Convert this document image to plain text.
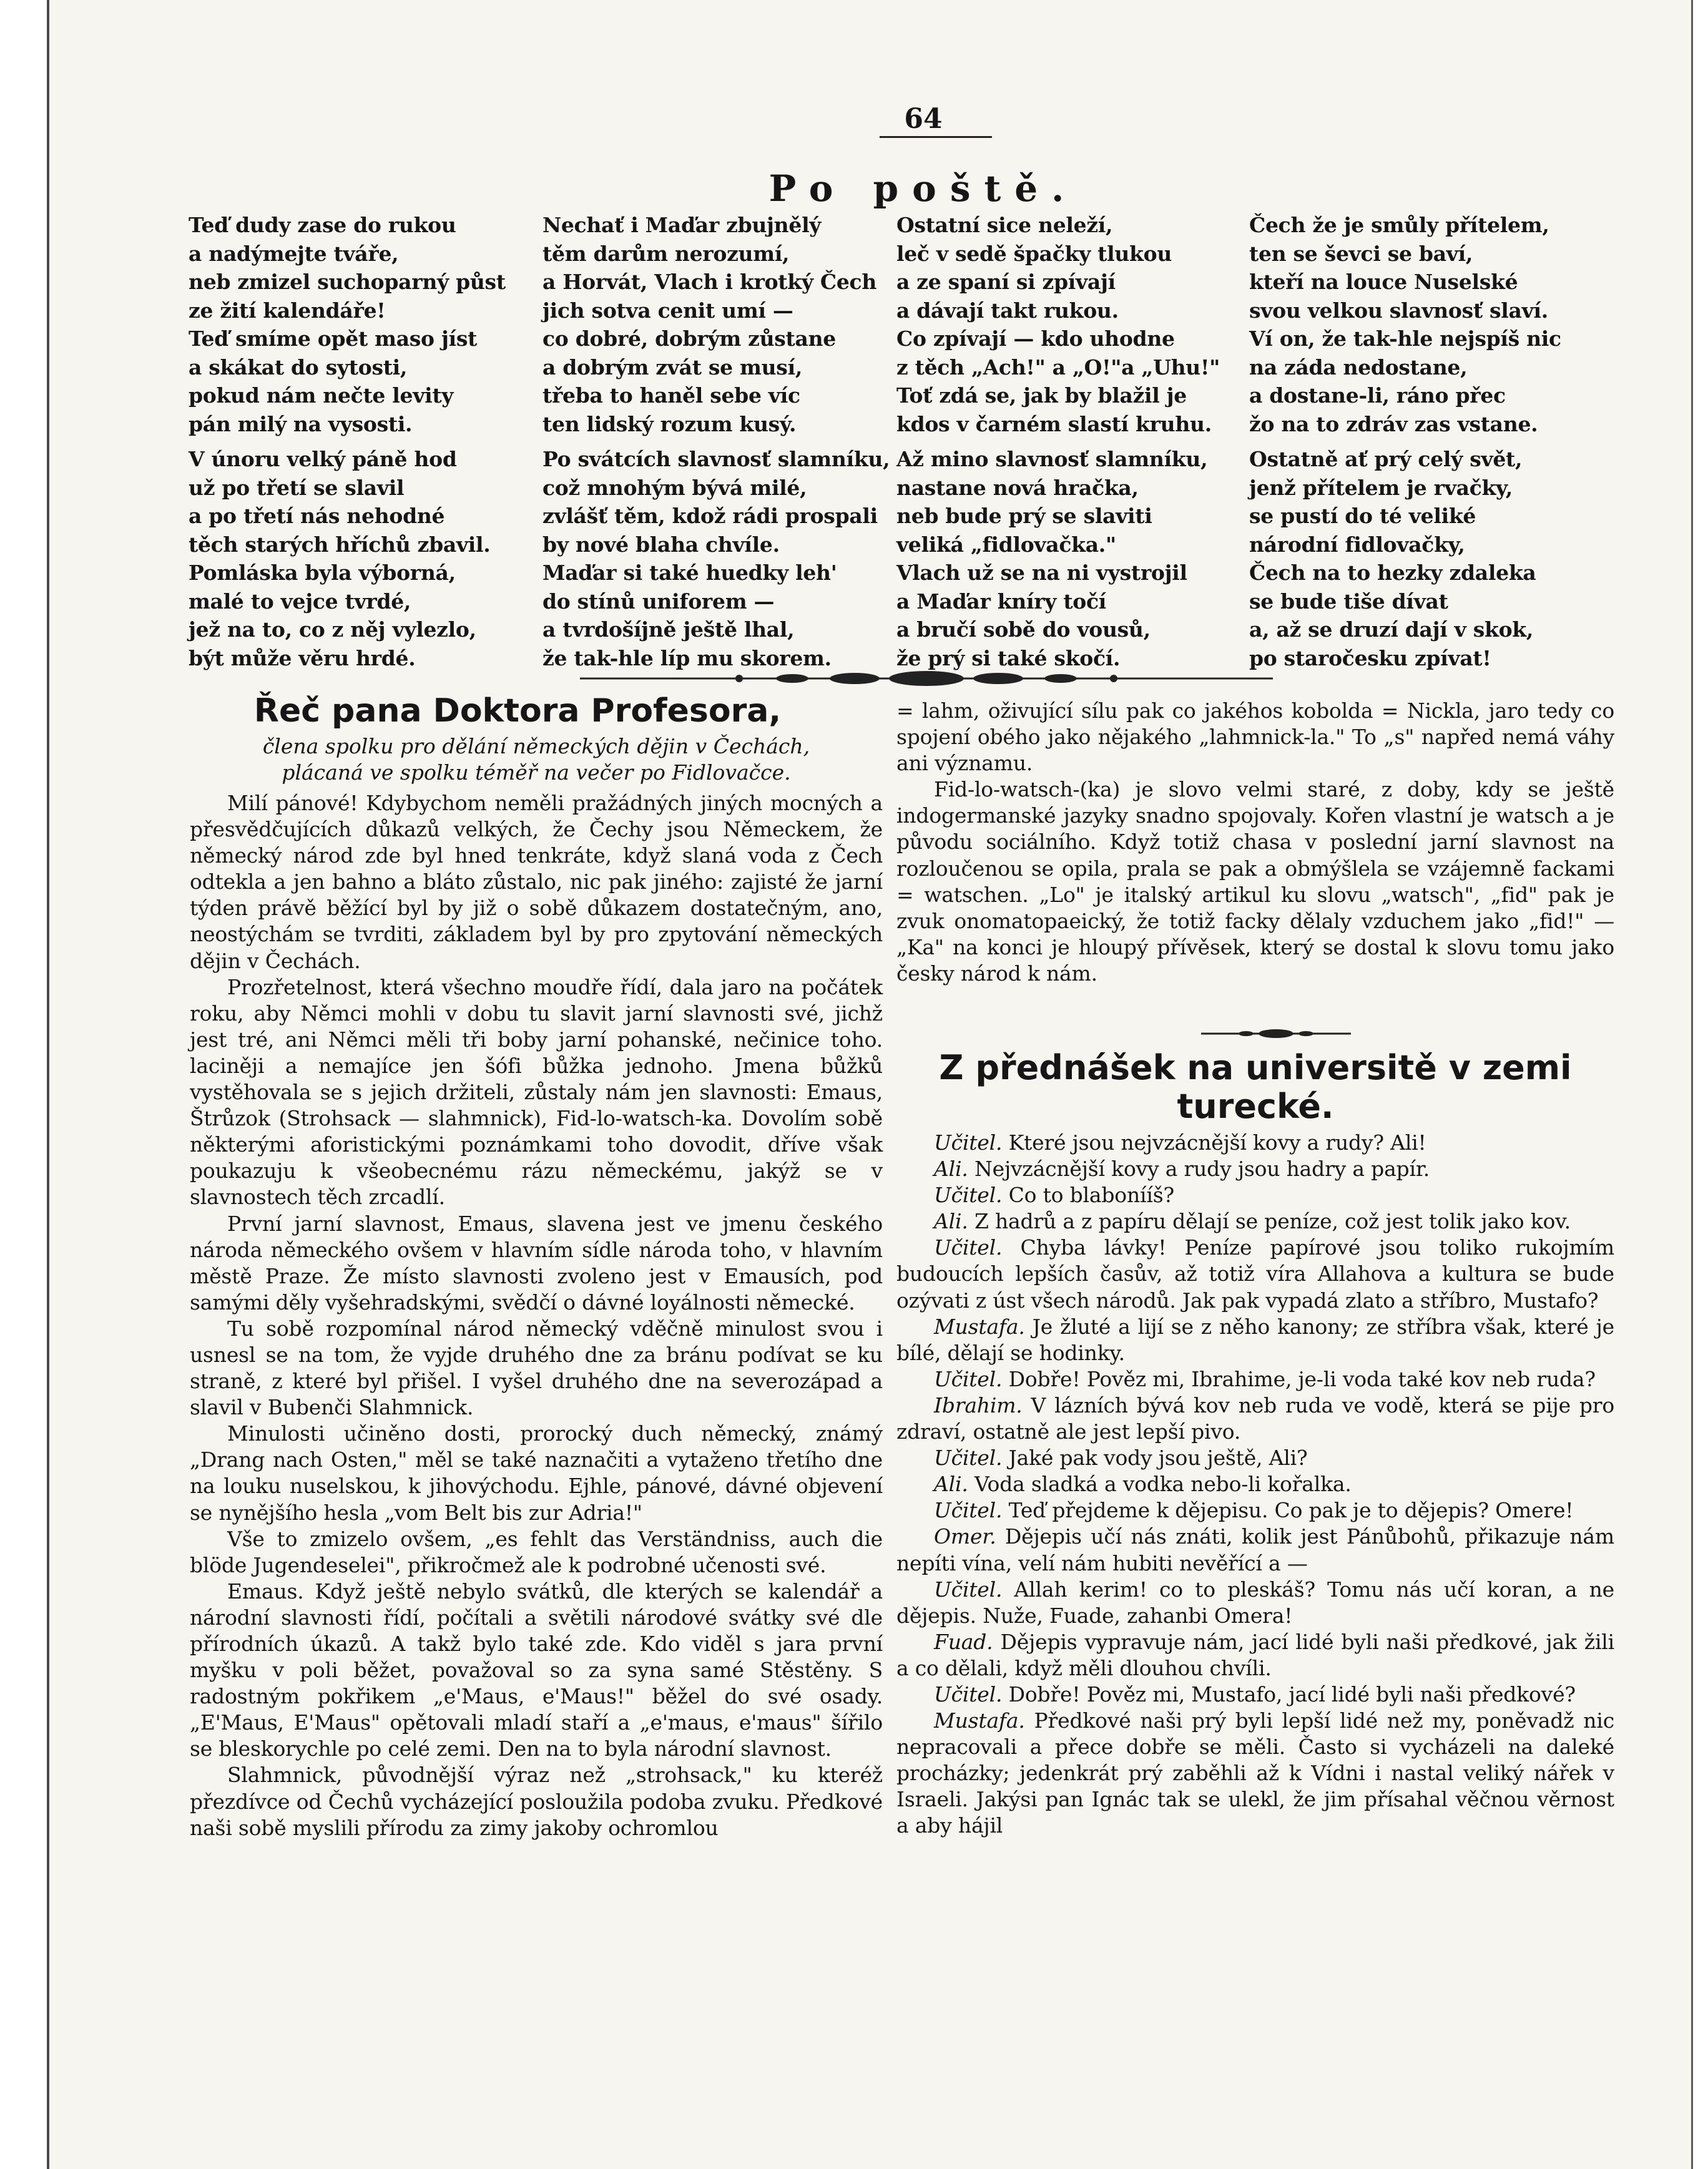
64
Po poště.
Teď dudy zase do rukou
a nadýmejte tváře,
neb zmizel suchoparný půst
ze žití kalendáře!
Teď smíme opět maso jíst
a skákat do sytosti,
pokud nám nečte levity
pán milý na vysosti.
V únoru velký páně hod
už po třetí se slavil
a po třetí nás nehodné
těch starých hříchů zbavil.
Pomláska byla výborná,
malé to vejce tvrdé,
jež na to, co z něj vylezlo,
být může věru hrdé.
Nechať i Maďar zbujnělý
těm darům nerozumí,
a Horvát, Vlach i krotký Čech
jich sotva cenit umí —
co dobré, dobrým zůstane
a dobrým zvát se musí,
třeba to haněl sebe víc
ten lidský rozum kusý.
Po svátcích slavnosť slamníku,
což mnohým bývá milé,
zvlášť těm, kdož rádi prospali
by nové blaha chvíle.
Maďar si také huedky leh'
do stínů uniforem —
a tvrdošíjně ještě lhal,
že tak-hle líp mu skorem.
Ostatní sice neleží,
leč v sedě špačky tlukou
a ze spaní si zpívají
a dávají takt rukou.
Co zpívají — kdo uhodne
z těch „Ach!" a „O!"a „Uhu!"
Toť zdá se, jak by blažil je
kdos v čarném slastí kruhu.
Až mino slavnosť slamníku,
nastane nová hračka,
neb bude prý se slaviti
veliká „fidlovačka."
Vlach už se na ni vystrojil
a Maďar kníry točí
a bručí sobě do vousů,
že prý si také skočí.
Čech že je smůly přítelem,
ten se ševci se baví,
kteří na louce Nuselské
svou velkou slavnosť slaví.
Ví on, že tak-hle nejspíš nic
na záda nedostane,
a dostane-li, ráno přec
žo na to zdráv zas vstane.
Ostatně ať prý celý svět,
jenž přítelem je rvačky,
se pustí do té veliké
národní fidlovačky,
Čech na to hezky zdaleka
se bude tiše dívat
a, až se druzí dají v skok,
po staročesku zpívat!
Řeč pana Doktora Profesora,
člena spolku pro dělání německých dějin v Čechách,
plácaná ve spolku téměř na večer po Fidlovačce.

Milí pánové! Kdybychom neměli pražádných jiných mocných a přesvědčujících důkazů velkých, že Čechy jsou Německem, že německý národ zde byl hned tenkráte, když slaná voda z Čech odtekla a jen bahno a bláto zůstalo, nic pak jiného: zajisté že jarní týden právě běžící byl by již o sobě důkazem dostatečným, ano, neostýchám se tvrditi, základem byl by pro zpytování německých dějin v Čechách.

Prozřetelnost, která všechno moudře řídí, dala jaro na počátek roku, aby Němci mohli v dobu tu slavit jarní slavnosti své, jichž jest tré, ani Němci měli tři boby jarní pohanské, nečinice toho. laciněji a nemajíce jen šófi bůžka jednoho. Jmena bůžků vystěhovala se s jejich držiteli, zůstaly nám jen slavnosti: Emaus, Štrůzok (Strohsack — slahmnick), Fid-lo-watsch-ka. Dovolím sobě některými aforistickými poznámkami toho dovodit, dříve však poukazuju k všeobecnému rázu německému, jakýž se v slavnostech těch zrcadlí.

První jarní slavnost, Emaus, slavena jest ve jmenu českého národa německého ovšem v hlavním sídle národa toho, v hlavním městě Praze. Že místo slavnosti zvoleno jest v Emausích, pod samými děly vyšehradskými, svědčí o dávné loyálnosti německé.

Tu sobě rozpomínal národ německý vděčně minulost svou i usnesl se na tom, že vyjde druhého dne za bránu podívat se ku straně, z které byl přišel. I vyšel druhého dne na severozápad a slavil v Bubenči Slahmnick.

Minulosti učiněno dosti, prorocký duch německý, známý „Drang nach Osten," měl se také naznačiti a vytaženo třetího dne na louku nuselskou, k jihovýchodu. Ejhle, pánové, dávné objevení se nynějšího hesla „vom Belt bis zur Adria!"

Vše to zmizelo ovšem, „es fehlt das Verständniss, auch die blöde Jugendeselei", přikročmež ale k podrobné učenosti své.

Emaus. Když ještě nebylo svátků, dle kterých se kalendář a národní slavnosti řídí, počítali a světili národové svátky své dle přírodních úkazů. A takž bylo také zde. Kdo viděl s jara první myšku v poli běžet, považoval so za syna samé Stěstěny. S radostným pokřikem „e'Maus, e'Maus!" běžel do své osady. „E'Maus, E'Maus" opětovali mladí staří a „e'maus, e'maus" šířilo se bleskorychle po celé zemi. Den na to byla národní slavnost.

Slahmnick, původnější výraz než „strohsack," ku kteréž přezdívce od Čechů vycházející posloužila podoba zvuku. Předkové naši sobě myslili přírodu za zimy jakoby ochromlou

= lahm, oživující sílu pak co jakéhos kobolda = Nickla, jaro tedy co spojení obého jako nějakého „lahmnick-la." To „s" napřed nemá váhy ani významu.

Fid-lo-watsch-(ka) je slovo velmi staré, z doby, kdy se ještě indogermanské jazyky snadno spojovaly. Kořen vlastní je watsch a je původu sociálního. Když totiž chasa v poslední jarní slavnost na rozloučenou se opila, prala se pak a obmýšlela se vzájemně fackami = watschen. „Lo" je italský artikul ku slovu „watsch", „fid" pak je zvuk onomatopaeický, že totiž facky dělaly vzduchem jako „fid!" — „Ka" na konci je hloupý přívěsek, který se dostal k slovu tomu jako česky národ k nám.

Z přednášek na universitě v zemi
turecké.

Učitel. Které jsou nejvzácnější kovy a rudy? Ali!

Ali. Nejvzácnější kovy a rudy jsou hadry a papír.

Učitel. Co to blabonííš?

Ali. Z hadrů a z papíru dělají se peníze, což jest tolik jako kov.

Učitel. Chyba lávky! Peníze papírové jsou toliko rukojmím budoucích lepších časův, až totiž víra Allahova a kultura se bude ozývati z úst všech národů. Jak pak vypadá zlato a stříbro, Mustafo?

Mustafa. Je žluté a lijí se z něho kanony; ze stříbra však, které je bílé, dělají se hodinky.

Učitel. Dobře! Pověz mi, Ibrahime, je-li voda také kov neb ruda?

Ibrahim. V lázních bývá kov neb ruda ve vodě, která se pije pro zdraví, ostatně ale jest lepší pivo.

Učitel. Jaké pak vody jsou ještě, Ali?

Ali. Voda sladká a vodka nebo-li kořalka.

Učitel. Teď přejdeme k dějepisu. Co pak je to dějepis? Omere!

Omer. Dějepis učí nás znáti, kolik jest Pánůbohů, přikazuje nám nepíti vína, velí nám hubiti nevěřící a —

Učitel. Allah kerim! co to pleskáš? Tomu nás učí koran, a ne dějepis. Nuže, Fuade, zahanbi Omera!

Fuad. Dějepis vypravuje nám, jací lidé byli naši předkové, jak žili a co dělali, když měli dlouhou chvíli.

Učitel. Dobře! Pověz mi, Mustafo, jací lidé byli naši předkové?

Mustafa. Předkové naši prý byli lepší lidé než my, poněvadž nic nepracovali a přece dobře se měli. Často si vycházeli na daleké procházky; jedenkrát prý zaběhli až k Vídni i nastal veliký nářek v Israeli. Jakýsi pan Ignác tak se ulekl, že jim přísahal věčnou věrnost a aby hájil
